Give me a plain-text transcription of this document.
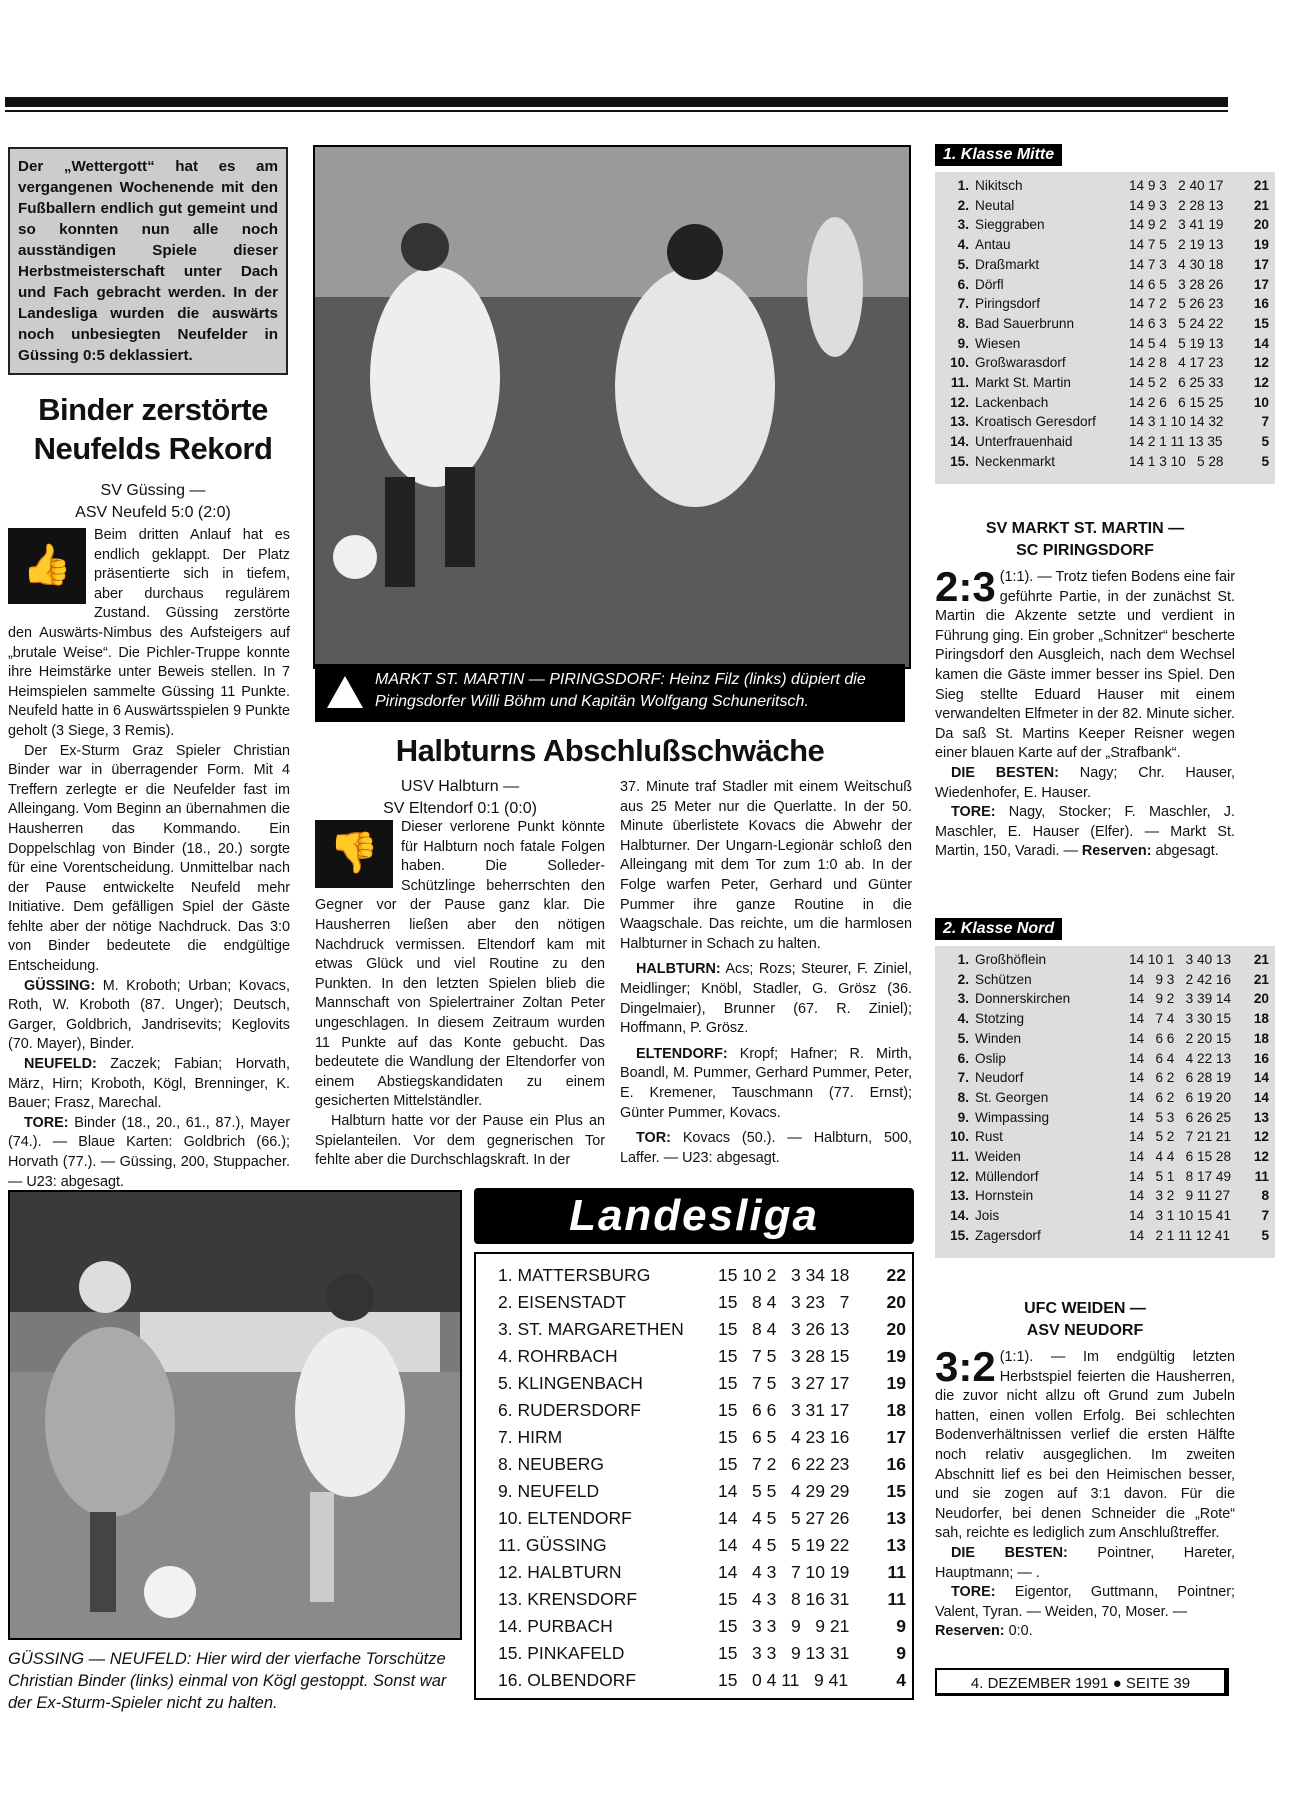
Der „Wettergott“ hat es am vergangenen Wochenende mit den Fußballern endlich gut gemeint und so konnten nun alle noch ausständigen Spiele dieser Herbstmeisterschaft unter Dach und Fach gebracht werden. In der Landesliga wurden die auswärts noch unbesiegten Neufelder in Güssing 0:5 deklassiert.
Binder zerstörte Neufelds Rekord
SV Güssing —
ASV Neufeld 5:0 (2:0)
👍
Beim dritten Anlauf hat es endlich geklappt. Der Platz präsentierte sich in tiefem, aber durchaus regulärem Zustand. Güssing zerstörte den Auswärts-Nimbus des Aufsteigers auf „brutale Weise“. Die Pichler-Truppe konnte ihre Heimstärke unter Beweis stellen. In 7 Heimspielen sammelte Güssing 11 Punkte. Neufeld hatte in 6 Auswärtsspielen 9 Punkte geholt (3 Siege, 3 Remis).
Der Ex-Sturm Graz Spieler Christian Binder war in überragender Form. Mit 4 Treffern zerlegte er die Neufelder fast im Alleingang. Vom Beginn an übernahmen die Hausherren das Kommando. Ein Doppelschlag von Binder (18., 20.) sorgte für eine Vorentscheidung. Unmittelbar nach der Pause entwickelte Neufeld mehr Initiative. Dem gefälligen Spiel der Gäste fehlte aber der nötige Nachdruck. Das 3:0 von Binder bedeutete die endgültige Entscheidung.
GÜSSING: M. Kroboth; Urban; Kovacs, Roth, W. Kroboth (87. Unger); Deutsch, Garger, Goldbrich, Jandrisevits; Keglovits (70. Mayer), Binder.
NEUFELD: Zaczek; Fabian; Horvath, März, Hirn; Kroboth, Kögl, Brenninger, K. Bauer; Frasz, Marechal.
TORE: Binder (18., 20., 61., 87.), Mayer (74.). — Blaue Karten: Goldbrich (66.); Horvath (77.). — Güssing, 200, Stuppacher. — U23: abgesagt.
MARKT ST. MARTIN — PIRINGSDORF: Heinz Filz (links) düpiert die Piringsdorfer Willi Böhm und Kapitän Wolfgang Schuneritsch.
Halbturns Abschlußschwäche
USV Halbturn —
SV Eltendorf 0:1 (0:0)
👎
Dieser verlorene Punkt könnte für Halbturn noch fatale Folgen haben. Die Solleder-Schützlinge beherrschten den Gegner vor der Pause ganz klar. Die Hausherren ließen aber den nötigen Nachdruck vermissen. Eltendorf kam mit etwas Glück und viel Routine zu den Punkten. In den letzten Spielen blieb die Mannschaft von Spielertrainer Zoltan Peter ungeschlagen. In diesem Zeitraum wurden 11 Punkte auf das Konte gebucht. Das bedeutete die Wandlung der Eltendorfer von einem Abstiegskandidaten zu einem gesicherten Mittelständler.
Halbturn hatte vor der Pause ein Plus an Spielanteilen. Vor dem gegnerischen Tor fehlte aber die Durchschlagskraft. In der
37. Minute traf Stadler mit einem Weitschuß aus 25 Meter nur die Querlatte. In der 50. Minute überlistete Kovacs die Abwehr der Halbturner. Der Ungarn-Legionär schloß den Alleingang mit dem Tor zum 1:0 ab. In der Folge warfen Peter, Gerhard und Günter Pummer ihre ganze Routine in die Waagschale. Das reichte, um die harmlosen Halbturner in Schach zu halten.
HALBTURN: Acs; Rozs; Steurer, F. Ziniel, Meidlinger; Knöbl, Stadler, G. Grösz (36. Dingelmaier), Brunner (67. R. Ziniel); Hoffmann, P. Grösz.
ELTENDORF: Kropf; Hafner; R. Mirth, Boandl, M. Pummer, Gerhard Pummer, Peter, E. Kremener, Tauschmann (77. Ernst); Günter Pummer, Kovacs.
TOR: Kovacs (50.). — Halbturn, 500, Laffer. — U23: abgesagt.
1. Klasse Mitte
1. Nikitsch	14 9 3   2 40 17	21
2. Neutal	14 9 3   2 28 13	21
3. Sieggraben	14 9 2   3 41 19	20
4. Antau	14 7 5   2 19 13	19
5. Draßmarkt	14 7 3   4 30 18	17
6. Dörfl	14 6 5   3 28 26	17
7. Piringsdorf	14 7 2   5 26 23	16
8. Bad Sauerbrunn	14 6 3   5 24 22	15
9. Wiesen	14 5 4   5 19 13	14
10. Großwarasdorf	14 2 8   4 17 23	12
11. Markt St. Martin	14 5 2   6 25 33	12
12. Lackenbach	14 2 6   6 15 25	10
13. Kroatisch Geresdorf	14 3 1 10 14 32	7
14. Unterfrauenhaid	14 2 1 11 13 35	5
15. Neckenmarkt	14 1 3 10   5 28	5
SV MARKT ST. MARTIN —
SC PIRINGSDORF
2:3 (1:1). — Trotz tiefen Bodens eine fair geführte Partie, in der zunächst St. Martin die Akzente setzte und verdient in Führung ging. Ein grober „Schnitzer“ bescherte Piringsdorf den Ausgleich, nach dem Wechsel kamen die Gäste immer besser ins Spiel. Den Sieg stellte Eduard Hauser mit einem verwandelten Elfmeter in der 82. Minute sicher. Da saß St. Martins Keeper Reisner wegen einer blauen Karte auf der „Strafbank“.
DIE BESTEN: Nagy; Chr. Hauser, Wiedenhofer, E. Hauser.
TORE: Nagy, Stocker; F. Maschler, J. Maschler, E. Hauser (Elfer). — Markt St. Martin, 150, Varadi. — Reserven: abgesagt.
2. Klasse Nord
1. Großhöflein	14 10 1   3 40 13	21
2. Schützen	14   9 3   2 42 16	21
3. Donnerskirchen	14   9 2   3 39 14	20
4. Stotzing	14   7 4   3 30 15	18
5. Winden	14   6 6   2 20 15	18
6. Oslip	14   6 4   4 22 13	16
7. Neudorf	14   6 2   6 28 19	14
8. St. Georgen	14   6 2   6 19 20	14
9. Wimpassing	14   5 3   6 26 25	13
10. Rust	14   5 2   7 21 21	12
11. Weiden	14   4 4   6 15 28	12
12. Müllendorf	14   5 1   8 17 49	11
13. Hornstein	14   3 2   9 11 27	8
14. Jois	14   3 1 10 15 41	7
15. Zagersdorf	14   2 1 11 12 41	5
UFC WEIDEN —
ASV NEUDORF
3:2 (1:1). — Im endgültig letzten Herbstspiel feierten die Hausherren, die zuvor nicht allzu oft Grund zum Jubeln hatten, einen vollen Erfolg. Bei schlechten Bodenverhältnissen verlief die ersten Hälfte noch relativ ausgeglichen. Im zweiten Abschnitt lief es bei den Heimischen besser, und sie zogen auf 3:1 davon. Für die Neudorfer, bei denen Schneider die „Rote“ sah, reichte es lediglich zum Anschlußtreffer.
DIE BESTEN: Pointner, Hareter, Hauptmann; — .
TORE: Eigentor, Guttmann, Pointner; Valent, Tyran. — Weiden, 70, Moser. —
Reserven: 0:0.
GÜSSING — NEUFELD: Hier wird der vierfache Torschütze Christian Binder (links) einmal von Kögl gestoppt. Sonst war der Ex-Sturm-Spieler nicht zu halten.
Landesliga
1. MATTERSBURG	15 10 2   3 34 18	22
2. EISENSTADT	15   8 4   3 23   7	20
3. ST. MARGARETHEN	15   8 4   3 26 13	20
4. ROHRBACH	15   7 5   3 28 15	19
5. KLINGENBACH	15   7 5   3 27 17	19
6. RUDERSDORF	15   6 6   3 31 17	18
7. HIRM	15   6 5   4 23 16	17
8. NEUBERG	15   7 2   6 22 23	16
9. NEUFELD	14   5 5   4 29 29	15
10. ELTENDORF	14   4 5   5 27 26	13
11. GÜSSING	14   4 5   5 19 22	13
12. HALBTURN	14   4 3   7 10 19	11
13. KRENSDORF	15   4 3   8 16 31	11
14. PURBACH	15   3 3   9   9 21	9
15. PINKAFELD	15   3 3   9 13 31	9
16. OLBENDORF	15   0 4 11   9 41	4	4. DEZEMBER 1991 ● SEITE 39
